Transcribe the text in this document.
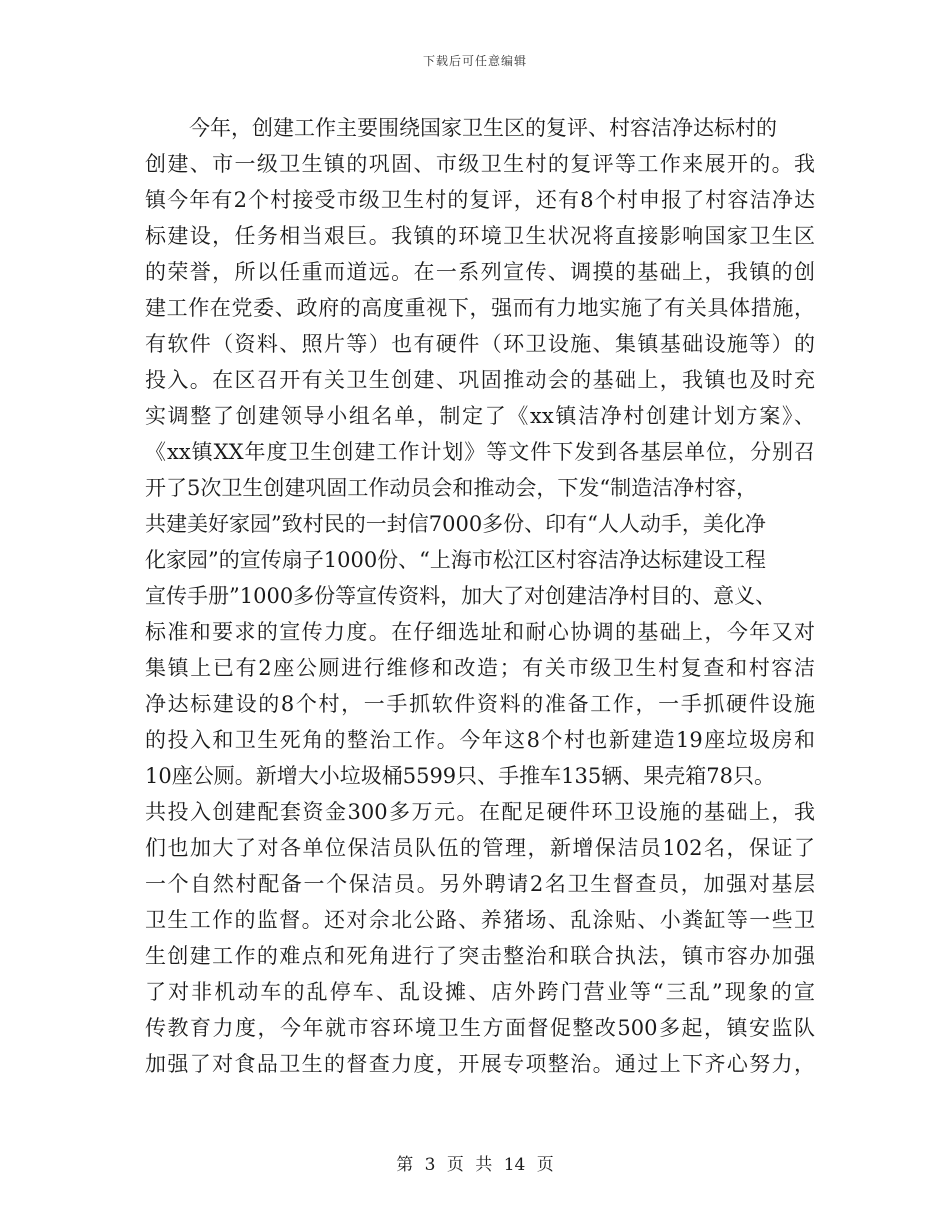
下载后可任意编辑
今年，创建工作主要围绕国家卫生区的复评、村容洁净达标村的
创建、市一级卫生镇的巩固、市级卫生村的复评等工作来展开的。我
镇今年有2个村接受市级卫生村的复评，还有8个村申报了村容洁净达
标建设，任务相当艰巨。我镇的环境卫生状况将直接影响国家卫生区
的荣誉，所以任重而道远。在一系列宣传、调摸的基础上，我镇的创
建工作在党委、政府的高度重视下，强而有力地实施了有关具体措施，
有软件（资料、照片等）也有硬件（环卫设施、集镇基础设施等）的
投入。在区召开有关卫生创建、巩固推动会的基础上，我镇也及时充
实调整了创建领导小组名单，制定了《xx镇洁净村创建计划方案》、
《xx镇XX年度卫生创建工作计划》等文件下发到各基层单位，分别召
开了5次卫生创建巩固工作动员会和推动会，下发“制造洁净村容，
共建美好家园”致村民的一封信7000多份、印有“人人动手，美化净
化家园”的宣传扇子1000份、“上海市松江区村容洁净达标建设工程
宣传手册”1000多份等宣传资料，加大了对创建洁净村目的、意义、
标准和要求的宣传力度。在仔细选址和耐心协调的基础上，今年又对
集镇上已有2座公厕进行维修和改造；有关市级卫生村复查和村容洁
净达标建设的8个村，一手抓软件资料的准备工作，一手抓硬件设施
的投入和卫生死角的整治工作。今年这8个村也新建造19座垃圾房和
10座公厕。新增大小垃圾桶5599只、手推车135辆、果壳箱78只。
共投入创建配套资金300多万元。在配足硬件环卫设施的基础上，我
们也加大了对各单位保洁员队伍的管理，新增保洁员102名，保证了
一个自然村配备一个保洁员。另外聘请2名卫生督查员，加强对基层
卫生工作的监督。还对佘北公路、养猪场、乱涂贴、小粪缸等一些卫
生创建工作的难点和死角进行了突击整治和联合执法，镇市容办加强
了对非机动车的乱停车、乱设摊、店外跨门营业等“三乱”现象的宣
传教育力度，今年就市容环境卫生方面督促整改500多起，镇安监队
加强了对食品卫生的督查力度，开展专项整治。通过上下齐心努力，
第 3 页 共 14 页
